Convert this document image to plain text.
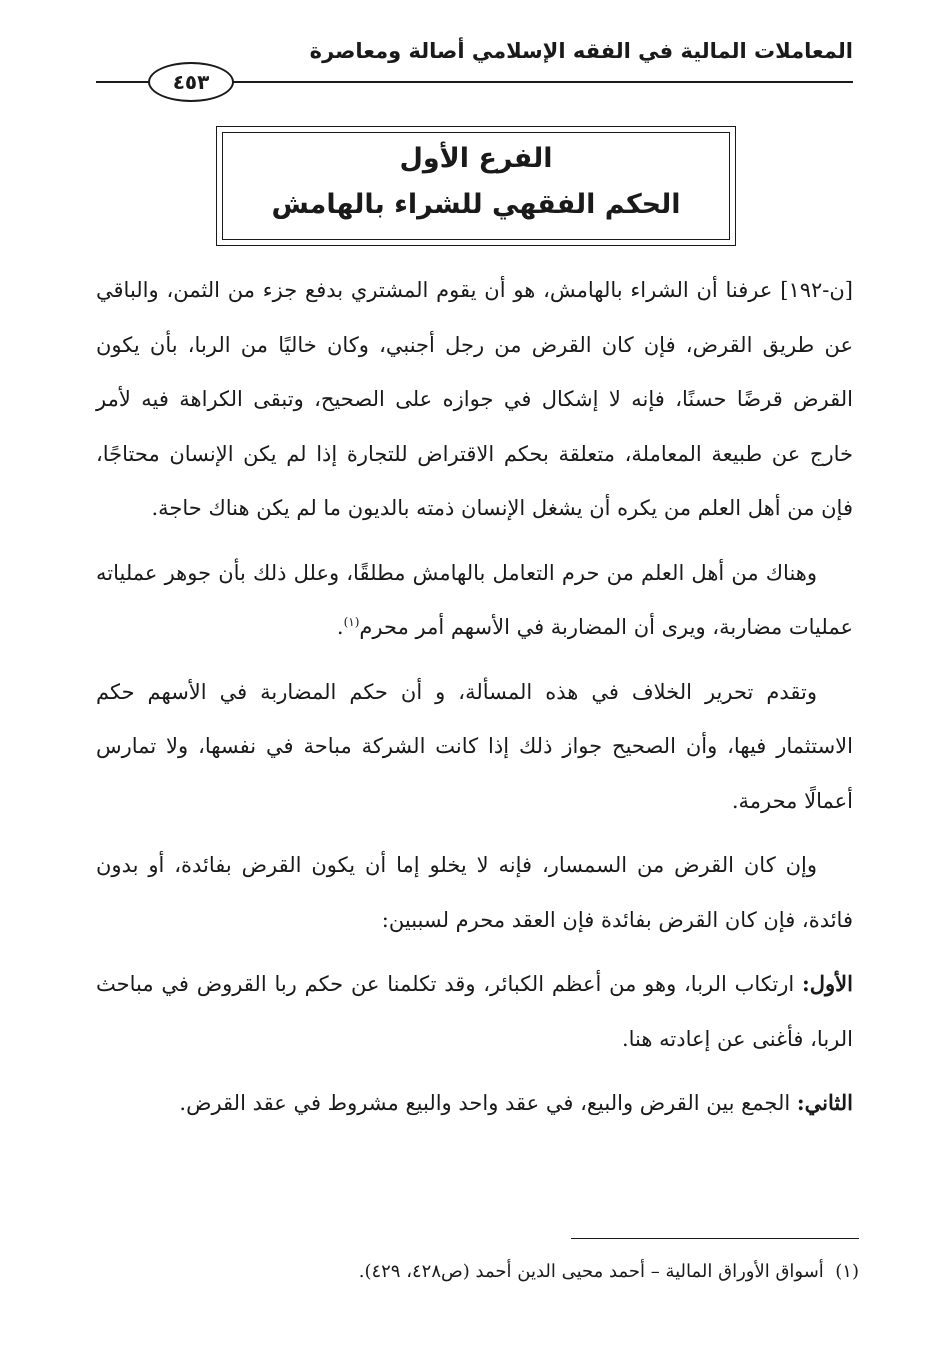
المعاملات المالية في الفقه الإسلامي أصالة ومعاصرة
٤٥٣
الفرع الأول
الحكم الفقهي للشراء بالهامش

[ن-١٩٢] عرفنا أن الشراء بالهامش، هو أن يقوم المشتري بدفع جزء من الثمن، والباقي عن طريق القرض، فإن كان القرض من رجل أجنبي، وكان خاليًا من الربا، بأن يكون القرض قرضًا حسنًا، فإنه لا إشكال في جوازه على الصحيح، وتبقى الكراهة فيه لأمر خارج عن طبيعة المعاملة، متعلقة بحكم الاقتراض للتجارة إذا لم يكن الإنسان محتاجًا، فإن من أهل العلم من يكره أن يشغل الإنسان ذمته بالديون ما لم يكن هناك حاجة.

وهناك من أهل العلم من حرم التعامل بالهامش مطلقًا، وعلل ذلك بأن جوهر عملياته عمليات مضاربة، ويرى أن المضاربة في الأسهم أمر محرم$^{(١)}$.

وتقدم تحرير الخلاف في هذه المسألة، و أن حكم المضاربة في الأسهم حكم الاستثمار فيها، وأن الصحيح جواز ذلك إذا كانت الشركة مباحة في نفسها، ولا تمارس أعمالًا محرمة.

وإن كان القرض من السمسار، فإنه لا يخلو إما أن يكون القرض بفائدة، أو بدون فائدة، فإن كان القرض بفائدة فإن العقد محرم لسببين:

الأول: ارتكاب الربا، وهو من أعظم الكبائر، وقد تكلمنا عن حكم ربا القروض في مباحث الربا، فأغنى عن إعادته هنا.

الثاني: الجمع بين القرض والبيع، في عقد واحد والبيع مشروط في عقد القرض.

(١)  أسواق الأوراق المالية – أحمد محيى الدين أحمد (ص٤٢٨، ٤٢٩).
